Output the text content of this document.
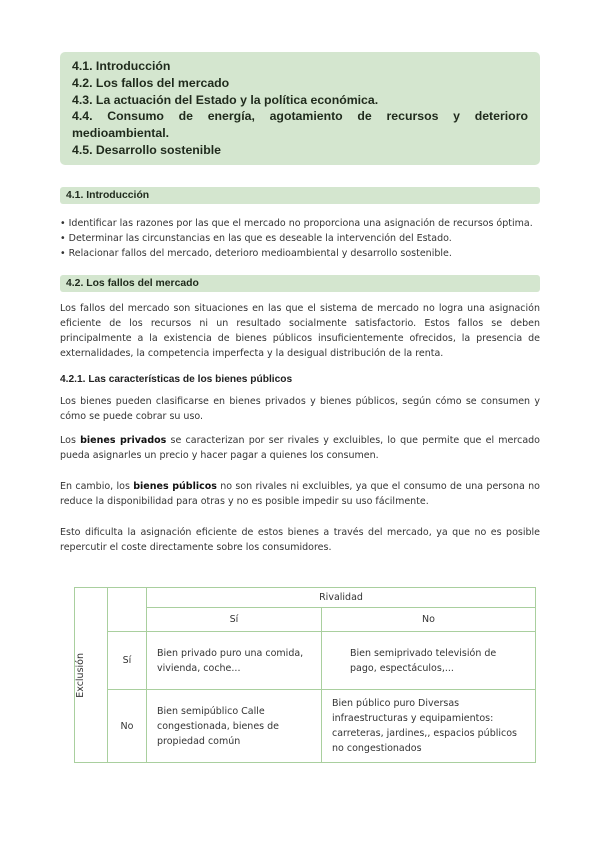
4.1. Introducción
4.2. Los fallos del mercado
4.3. La actuación del Estado y la política económica.
4.4. Consumo de energía, agotamiento de recursos y deterioro medioambiental.
4.5. Desarrollo sostenible
4.1. Introducción
• Identificar las razones por las que el mercado no proporciona una asignación de recursos óptima.
• Determinar las circunstancias en las que es deseable la intervención del Estado.
• Relacionar fallos del mercado, deterioro medioambiental y desarrollo sostenible.
4.2. Los fallos del mercado
Los fallos del mercado son situaciones en las que el sistema de mercado no logra una asignación eficiente de los recursos ni un resultado socialmente satisfactorio. Estos fallos se deben principalmente a la existencia de bienes públicos insuficientemente ofrecidos, la presencia de externalidades, la competencia imperfecta y la desigual distribución de la renta.
4.2.1. Las características de los bienes públicos
Los bienes pueden clasificarse en bienes privados y bienes públicos, según cómo se consumen y cómo se puede cobrar su uso.
Los bienes privados se caracterizan por ser rivales y excluibles, lo que permite que el mercado pueda asignarles un precio y hacer pagar a quienes los consumen.
En cambio, los bienes públicos no son rivales ni excluibles, ya que el consumo de una persona no reduce la disponibilidad para otras y no es posible impedir su uso fácilmente.
Esto dificulta la asignación eficiente de estos bienes a través del mercado, ya que no es posible repercutir el coste directamente sobre los consumidores.
Exclusión		Rivalidad	
		Sí	No
	Sí	Bien privado puro una comida, vivienda, coche...	Bien semiprivado televisión de pago, espectáculos,...

	No	Bien semipúblico Calle congestionada, bienes de propiedad común	Bien público puro Diversas infraestructuras y equipamientos: carreteras, jardines,, espacios públicos no congestionados
